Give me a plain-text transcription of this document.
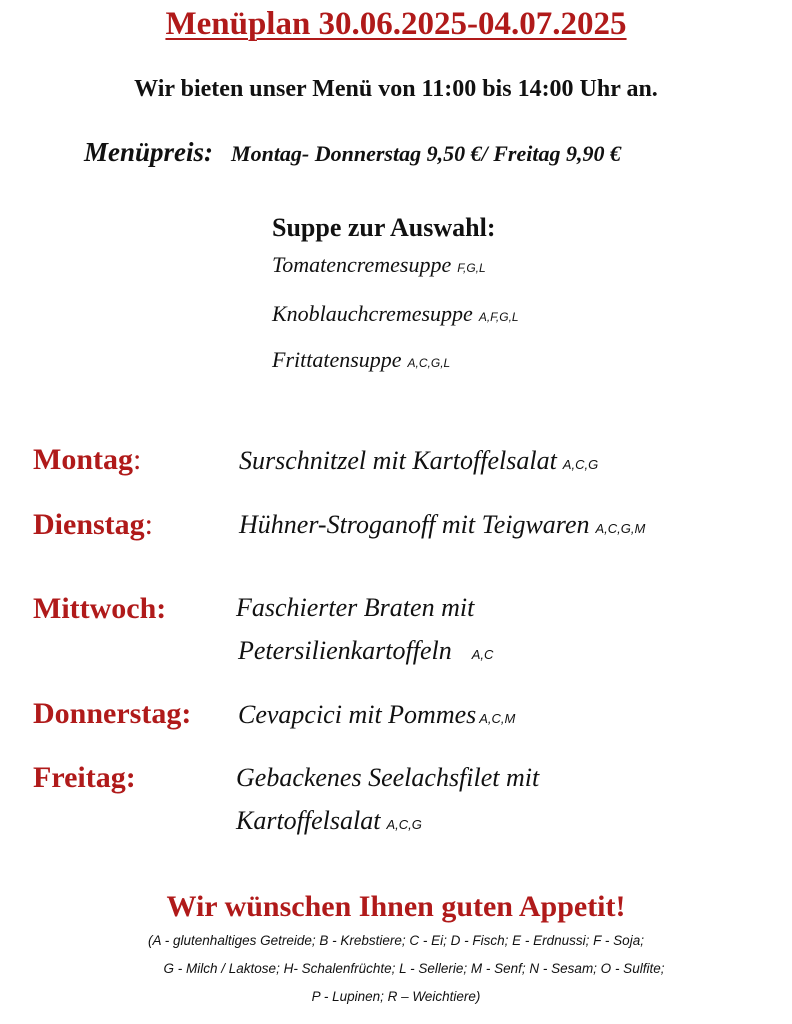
Menüplan 30.06.2025-04.07.2025
Wir bieten unser Menü von 11:00 bis 14:00 Uhr an.
Menüpreis: Montag- Donnerstag 9,50 €/ Freitag 9,90 €
Suppe zur Auswahl:
Tomatencremesuppe F,G,L
Knoblauchcremesuppe A,F,G,L
Frittatensuppe A,C,G,L
Montag:	Surschnitzel mit Kartoffelsalat A,C,G
Dienstag:	Hühner-Stroganoff mit Teigwaren A,C,G,M
Mittwoch:	Faschierter Braten mit
Petersilienkartoffeln A,C
Donnerstag: Cevapcici mit Pommes A,C,M
Freitag:	Gebackenes Seelachsfilet mit
Kartoffelsalat A,C,G
Wir wünschen Ihnen guten Appetit!
(A - glutenhaltiges Getreide; B - Krebstiere; C - Ei; D - Fisch; E - Erdnussi; F - Soja;
G - Milch / Laktose; H- Schalenfrüchte; L - Sellerie; M - Senf; N - Sesam; O - Sulfite;
P - Lupinen; R – Weichtiere)
